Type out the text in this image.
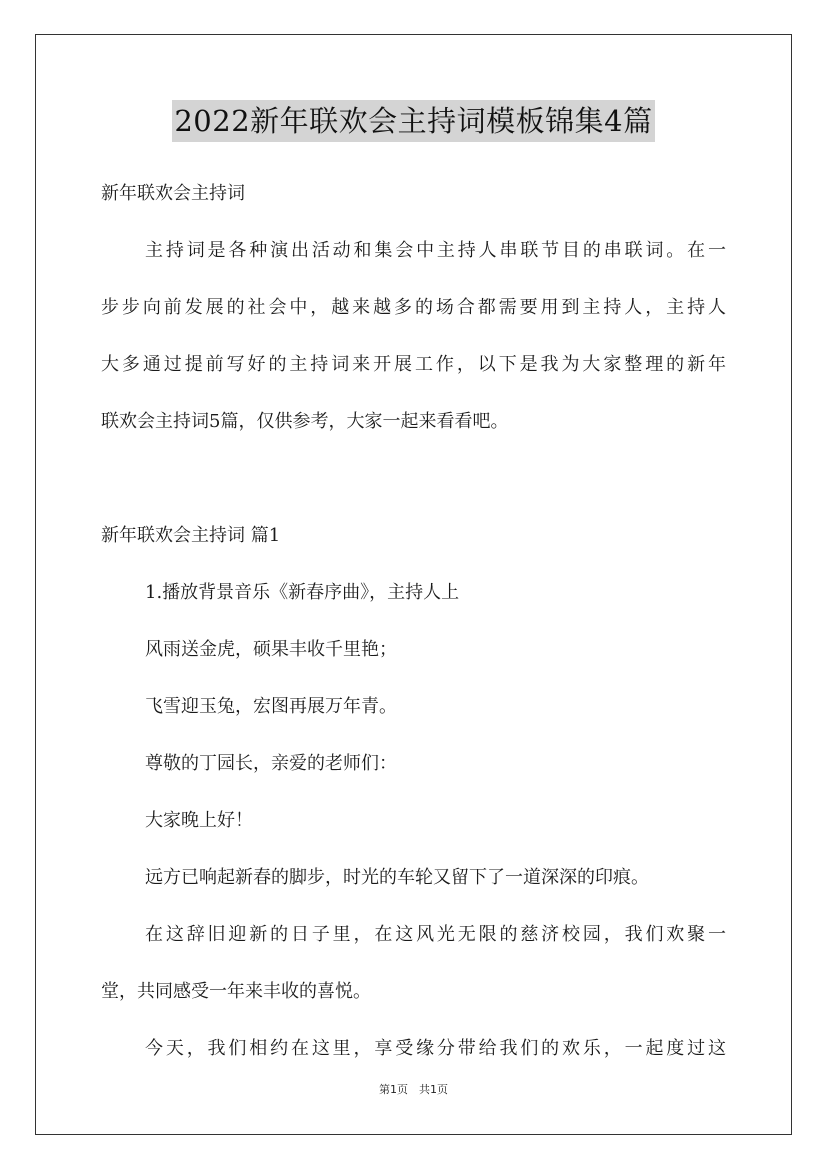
2022新年联欢会主持词模板锦集4篇
新年联欢会主持词
主持词是各种演出活动和集会中主持人串联节目的串联词。在一
步步向前发展的社会中，越来越多的场合都需要用到主持人，主持人
大多通过提前写好的主持词来开展工作，以下是我为大家整理的新年
联欢会主持词5篇，仅供参考，大家一起来看看吧。
新年联欢会主持词 篇1
1.播放背景音乐《新春序曲》，主持人上
风雨送金虎，硕果丰收千里艳；
飞雪迎玉兔，宏图再展万年青。
尊敬的丁园长，亲爱的老师们：
大家晚上好！
远方已响起新春的脚步，时光的车轮又留下了一道深深的印痕。
在这辞旧迎新的日子里，在这风光无限的慈济校园，我们欢聚一
堂，共同感受一年来丰收的喜悦。
今天，我们相约在这里，享受缘分带给我们的欢乐，一起度过这
第1页　共1页
